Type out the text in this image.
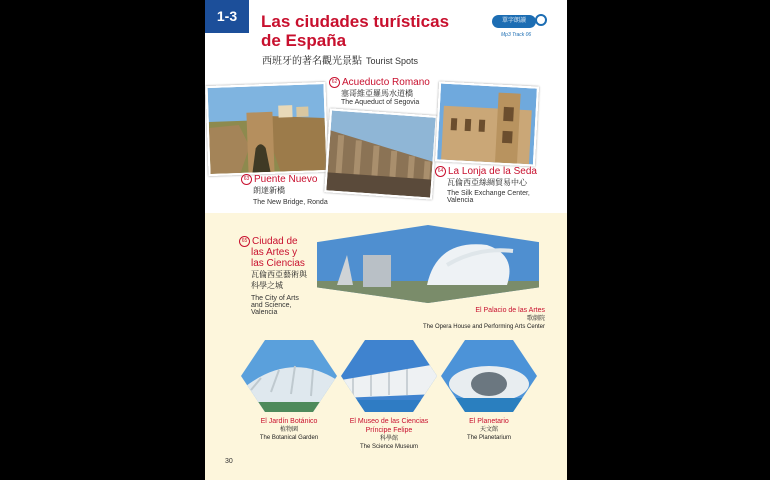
1-3	Las ciudades turísticas de España
西班牙的著名觀光景點 Tourist Spots
單字朗讀
Mp3 Track 06
62 Acueducto Romano
塞哥維亞羅馬水道橋
The Aqueduct of Segovia
63 Puente Nuevo
朗達新橋
The New Bridge, Ronda
64 La Lonja de la Seda
瓦倫西亞絲綢貿易中心
The Silk Exchange Center,
Valencia
65 Ciudad de
las Artes y
las Ciencias
瓦倫西亞藝術與
科學之城
The City of Arts
and Science,
Valencia	El Palacio de las Artes
歌劇院
The Opera House and Performing Arts Center
El Jardín Botánico
植物園
The Botanical Garden
El Museo de las Ciencias
Príncipe Felipe
科學館
The Science Museum
El Planetario
天文館
The Planetarium
30
